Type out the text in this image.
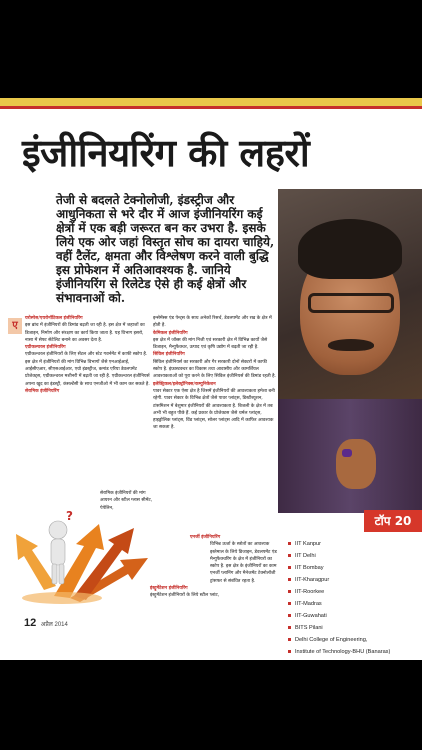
इंजीनियरिंग की लहरों
तेजी से बदलते टेक्नोलोजी, इंडस्ट्रीज और आधुनिकता से भरे दौर में आज इंजीनियरिंग कई क्षेत्रों में एक बड़ी जरूरत बन कर उभरा है. इसके लिये एक ओर जहां विस्तृत सोच का दायरा चाहिये, वहीं टैलेंट, क्षमता और विश्लेषण करने वाली बुद्धि इस प्रोफेशन में अतिआवश्यक है. जानिये इंजीनियरिंग से रिलेटेड ऐसे ही कई क्षेत्रों और संभावनाओं को.
ए
यरोस्पेस/एयरोनॉटिकल इंजीनियरिंग

इस ब्रांच में इंजीनियरों की डिमांड बढ़ती जा रही है. इस क्षेत्र में जहाजों का डिजाइन, निर्माण और संरक्षण का कार्य किया जाता है. यह विभाग इसरो, नासा में सेफ्ट सेटेलिट बनाने का अवसर देता है.

एग्रीकल्चरल इंजीनियरिंग

एग्रीकल्चरल इंजीनियरों के लिए सेंटल और स्टेट गवर्नमेंट में काफी स्कोप है. इस क्षेत्र में इंजीनियरों की मांग विभिन्न विभागों जैसे एनआईआई, आईसीएआर, सीएसआईआर, एग्रो इंडस्ट्रीज, कमांड एरिया डेवलपमेंट प्रोजेक्ट्स, एग्रीकल्चरल मशीनरी में बढ़ती जा रही है. एग्रीकल्चरल इंजीनियर्स अपना खुद का इंडस्ट्री, कंसल्टेंसी के साथ एनजीओ में भी काम कर सकते है.

सेरामिक इंजीनियरिंग

सेरामिक इंजीनियरों की मांग आयरन और स्टील ग्लास सीमेंट, पेपेलिन,

इन्सेमेंस्स एंड पेन्ट्स के साथ अनेकों रिसर्च, डेवलपमेंट और रख के क्षेत्र में होती है.

केमिकल इंजीनियरिंग

इस क्षेत्र में जॉब्स की मांग निजी एवं सरकारी क्षेत्र में विभिन्न कार्यो जैसे डिजाइन, मैन्युफैक्चर, उत्पाद एवं कृषि उद्योग में बढ़ती जा रही है.

सिविल इंजीनियरिंग

सिविल इंजीनियर्स का सरकारी और गैर सरकारी दोनों सेक्टरों में काफी स्कोप है. इंफ्रास्टक्चर का विकास तथा आवासीय और कामर्शियल आवश्यकताओं को पूरा करने के लिए सिविल इंजीनियर्स की डिमांड रहती है.

इलेक्ट्रिकल/इलेक्ट्रॉनिक्स/कम्युनिकेशन

पावर सेक्टर एक ऐसा क्षेत्र है जिसमें इंजीनियरों की आवश्यकता हमेशा बनी रहेगी. पावर सेक्टर के विभिन्न क्षेत्रों जैसे पावर प्लांट्स, डिस्टीब्यूशन, टांसमिशन में बेशुमार इंजीनियरों की आवश्यकता है. बिजली के क्षेत्र में तब अभी भी बहुत पीछे हैं. कई प्रकार के प्रोजेक्टस जैसे थर्मल प्लांट्स, हाइड्रोलिक प्लांट्स, विंड प्लांट्स, सोलर प्लांट्स आदि में काफिर आवश्यक जा सकता है.

एनर्जी इंजीनियरिंग

विभिन्न ऊर्जा के स्त्रोतों का आवश्यक इस्तेमाल के लिये डिजाइन, डेवलपमेंट एंड मैन्युफैक्चरिंग के क्षेत्र में इंजीनियरों का स्कोप है. इस क्षेत्र के इंजीनियरों का काम एनर्जी प्लानिंग और मैनेजमेंट टेक्नोलॉजी ट्रांसफर से संबंधित रहता है.

इंस्ट्रूमेंटेशन इंजीनियरिंग

इंस्ट्रूमेंटेशन इंजीनियरों के लिये स्टील प्लांट,

?	टॉप 20
IIT Kanpur
IIT Delhi
IIT Bombay
IIT-Kharagpur
IIT-Roorkee
IIT-Madras
IIT-Guwahati
BITS Pilani
Delhi College of Engineering,
Institute of Technology-BHU (Banaras)
12 अप्रैल 2014
